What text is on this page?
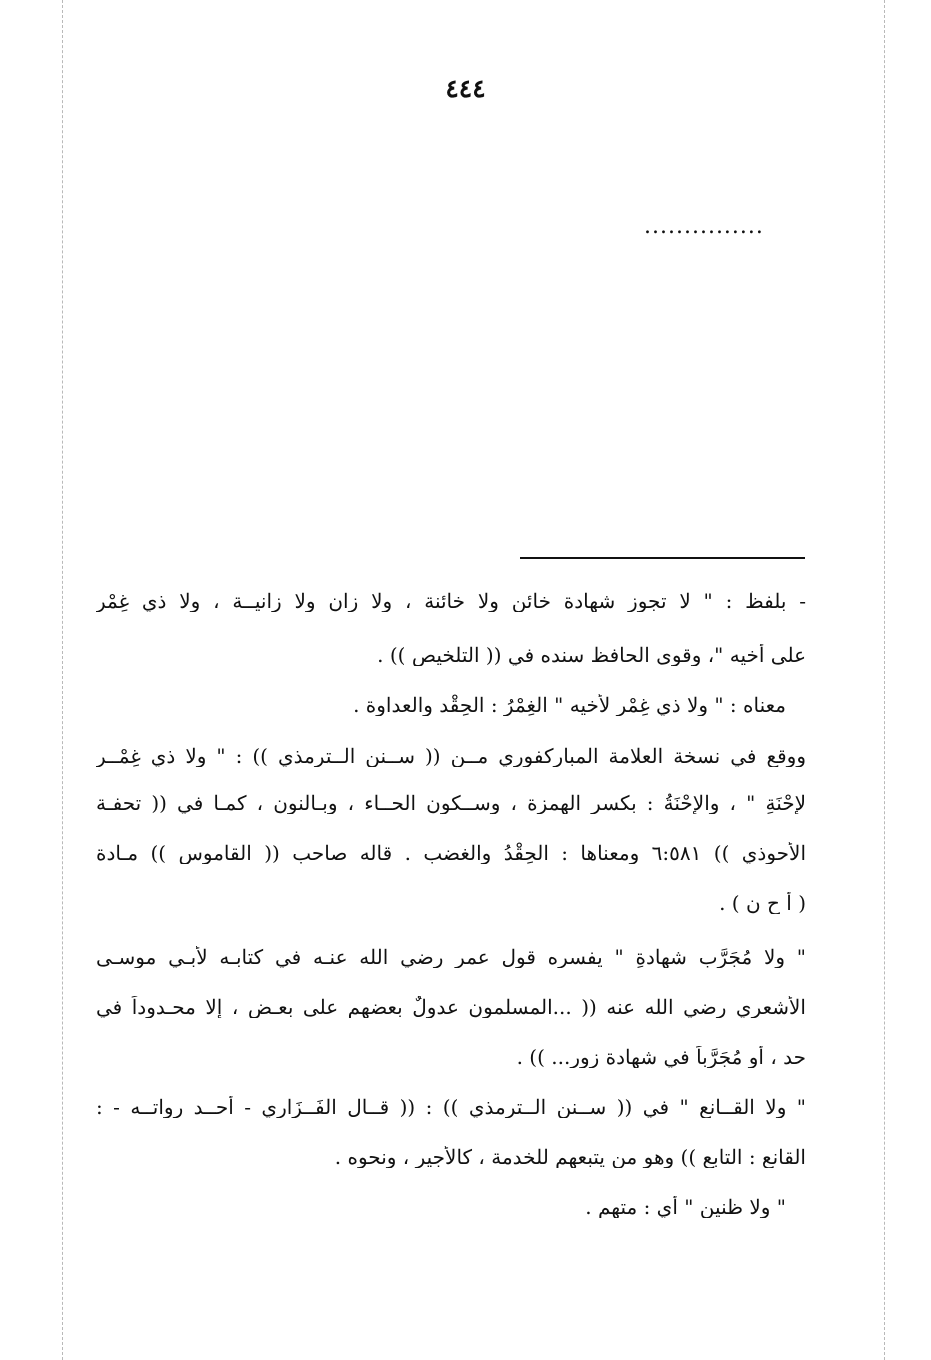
٤٤٤
...............
- بلفظ : " لا تجوز شهادة خائن ولا خائنة ، ولا زان ولا زانيــة ، ولا ذي غِمْرٍ
على أخيه "، وقوى الحافظ سنده في (( التلخيص )) .
معناه : " ولا ذي غِمْرٍ لأخيه " الغِمْرُ : الحِقْد والعداوة .
ووقع في نسخة العلامة المباركفوري مــن (( ســنن الــترمذي )) : " ولا ذي غِمْــر
لإِحْنَةٍ " ، والإِحْنَةُ : بكسر الهمزة ، وســكون الحــاء ، وبـالنون ، كمـا في (( تحفـة
الأحوذي )) ٦:٥٨١ ومعناها : الحِقْدُ والغضب . قاله صاحب (( القاموس )) مـادة
( أ ح ن ) .
" ولا مُجَرَّبٍ شهادةٍ " يفسره قول عمر رضي الله عنـه في كتابـه لأبـي موسـى
الأشعري رضي الله عنه (( ...المسلمون عدولٌ بعضهم على بعـض ، إلا محـدوداً في
حد ، أو مُجَرَّباً في شهادة زور... )) .
" ولا القــانع " في (( ســنن الــترمذي )) : (( قــال الفَــزَاري - أحــد رواتــه - :
القانع : التابع )) وهو من يتبعهم للخدمة ، كالأجير ، ونحوه .
" ولا ظنين " أي : متهم .
